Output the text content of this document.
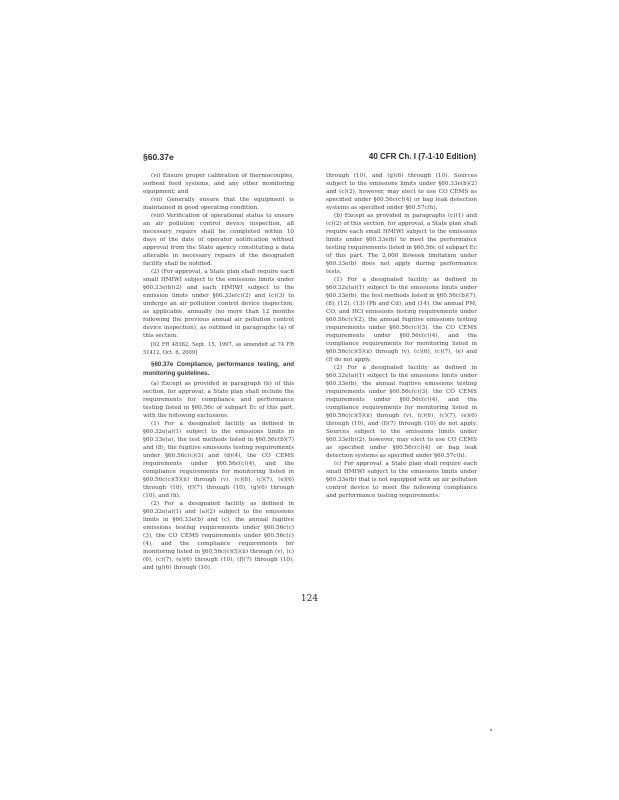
§60.37e	40 CFR Ch. I (7-1-10 Edition)

(vi) Ensure proper calibration of thermocouples, sorbent feed systems, and any other monitoring equipment; and

(vii) Generally ensure that the equipment is maintained in good operating condition.

(viii) Verification of operational status to ensure an air pollution control device inspection, all necessary repairs shall be completed within 10 days of the date of operator notification without approval from the State agency constituting a data alterable in necessary repairs of the designated facility shall be notified.

(2) (For approval, a State plan shall require each small HMIWI subject to the emissions limits under §60.33e(b)(2) and each HMIWI subject to the emission limits under §60.33e(c)(2) and (c)(3) to undergo an air pollution control device inspection, as applicable, annually (no more than 12 months following the previous annual air pollution control device inspection), as outlined in paragraphs (a) of this section.

[62 FR 48382, Sept. 15, 1997, as amended at 74 FR 51412, Oct. 6, 2009]

§60.37e Compliance, performance testing, and monitoring guidelines.

(a) Except as provided in paragraph (b) of this section, for approval, a State plan shall include the requirements for compliance and performance testing listed in §60.56c of subpart Ec of this part, with the following exclusions:

(1) For a designated facility as defined in §60.32e(a)(1) subject to the emissions limits in §60.33e(a), the test methods listed in §60.56c(b)(7) and (8), the fugitive emissions testing requirements under §60.56c(c)(3) and (d)(4), the CO CEMS requirements under §60.56c(c)(4), and the compliance requirements for monitoring listed in §60.56c(c)(5)(ii) through (v), (c)(6), (c)(7), (e)(6) through (10), (f)(7) through (10), (g)(6) through (10), and (h).

(2) For a designated facility as defined in §60.32e(a)(1) and (a)(2) subject to the emissions limits in §60.33e(b) and (c), the annual fugitive emissions testing requirements under §60.56c(c)(3), the CO CEMS requirements under §60.56c(c)(4), and the compliance requirements for monitoring listed in §60.56c(c)(5)(ii) through (v), (c)(6), (c)(7), (e)(6) through (10), (f)(7) through (10), and (g)(6) through (10).

through (10), and (g)(6) through (10). Sources subject to the emissions limits under §60.33e(b)(2) and (c)(2), however, may elect to use CO CEMS as specified under §60.56c(c)(4) or bag leak detection systems as specified under §60.57c(h).

(b) Except as provided in paragraphs (c)(1) and (c)(2) of this section, for approval, a State plan shall require each small HMIWI subject to the emissions limits under §60.33e(b) to meet the performance testing requirements listed in §60.56c of subpart Ec of this part. The 2,000 lb/week limitation under §60.33e(b) does not apply during performance tests.

(1) For a designated facility as defined in §60.32e(a)(1) subject to the emissions limits under §60.33e(b), the test methods listed in §60.56c(b)(7), (8), (12), (13) (Pb and Cd), and (14), the annual PM, CO, and HCl emissions testing requirements under §60.56c(c)(2), the annual fugitive emissions testing requirements under §60.56c(c)(3), the CO CEMS requirements under §60.56c(c)(4), and the compliance requirements for monitoring listed in §60.56c(c)(5)(ii) through (v), (c)(6), (c)(7), (e) and (f) do not apply.

(2) For a designated facility as defined in §60.32e(a)(1) subject to the emissions limits under §60.33e(b), the annual fugitive emissions testing requirements under §60.56c(c)(3), the CO CEMS requirements under §60.56c(c)(4), and the compliance requirements for monitoring listed in §60.56c(c)(5)(ii) through (v), (c)(6), (c)(7), (e)(6) through (10), and (f)(7) through (10) do not apply. Sources subject to the emissions limits under §60.33e(b)(2), however, may elect to use CO CEMS as specified under §60.56c(c)(4) or bag leak detection systems as specified under §60.57c(h).

(c) For approval, a State plan shall require each small HMIWI subject to the emissions limits under §60.33e(b) that is not equipped with an air pollution control device to meet the following compliance and performance testing requirements:

124
